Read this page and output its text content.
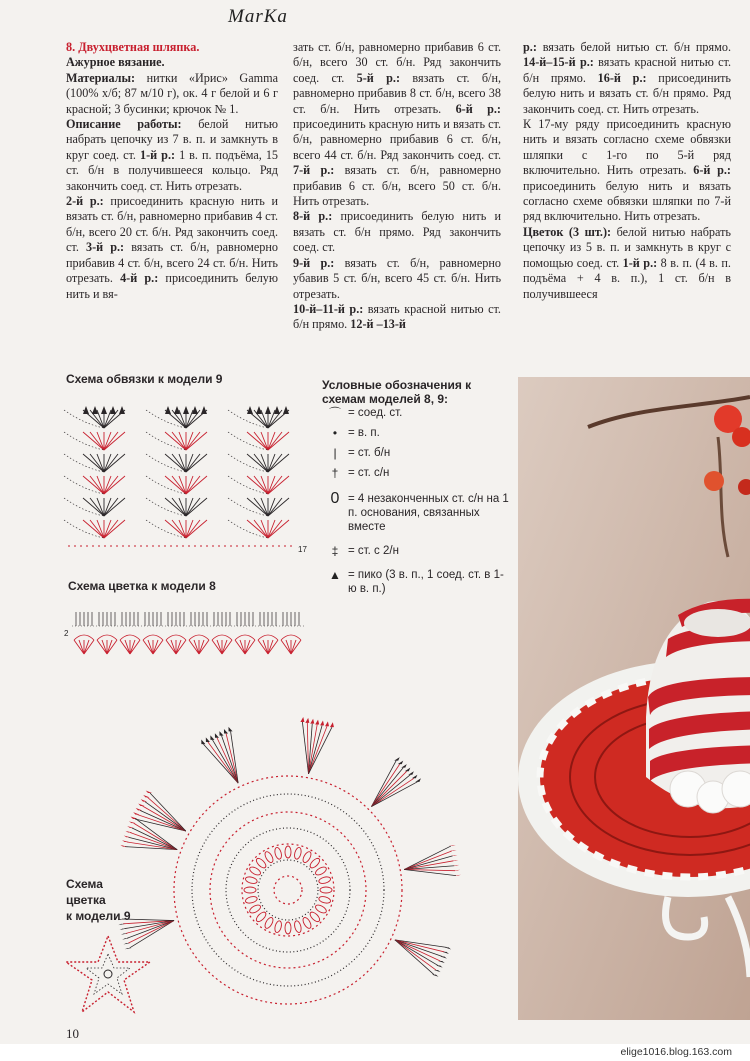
MarKa

8. Двухцветная шляпка.
Ажурное вязание.
Материалы: нитки «Ирис» Gamma (100% х/б; 87 м/10 г), ок. 4 г белой и 6 г красной; 3 бусинки; крючок № 1.
Описание работы: белой нитью набрать цепочку из 7 в. п. и замкнуть в круг соед. ст. 1-й р.: 1 в. п. подъёма, 15 ст. б/н в получившееся кольцо. Ряд закончить соед. ст. Нить отрезать.
2-й р.: присоединить красную нить и вязать ст. б/н, равномерно прибавив 4 ст. б/н, всего 20 ст. б/н. Ряд закончить соед. ст. 3-й р.: вязать ст. б/н, равномерно прибавив 4 ст. б/н, всего 24 ст. б/н. Нить отрезать. 4-й р.: присоединить белую нить и вя-

зать ст. б/н, равномерно прибавив 6 ст. б/н, всего 30 ст. б/н. Ряд закончить соед. ст. 5-й р.: вязать ст. б/н, равномерно прибавив 8 ст. б/н, всего 38 ст. б/н. Нить отрезать. 6-й р.: присоединить красную нить и вязать ст. б/н, равномерно прибавив 6 ст. б/н, всего 44 ст. б/н. Ряд закончить соед. ст. 7-й р.: вязать ст. б/н, равномерно прибавив 6 ст. б/н, всего 50 ст. б/н. Нить отрезать.
8-й р.: присоединить белую нить и вязать ст. б/н прямо. Ряд закончить соед. ст.
9-й р.: вязать ст. б/н, равномерно убавив 5 ст. б/н, всего 45 ст. б/н. Нить отрезать.
10-й–11-й р.: вязать красной нитью ст. б/н прямо. 12-й –13-й

р.: вязать белой нитью ст. б/н прямо. 14-й–15-й р.: вязать красной нитью ст. б/н прямо. 16-й р.: присоединить белую нить и вязать ст. б/н прямо. Ряд закончить соед. ст. Нить отрезать.
К 17-му ряду присоединить красную нить и вязать согласно схеме обвязки шляпки с 1-го по 5-й ряд включительно. Нить отрезать. 6-й р.: присоединить белую нить и вязать согласно схеме обвязки шляпки по 7-й ряд включительно. Нить отрезать.
Цветок (3 шт.): белой нитью набрать цепочку из 5 в. п. и замкнуть в круг с помощью соед. ст. 1-й р.: 8 в. п. (4 в. п. подъёма + 4 в. п.), 1 ст. б/н в получившееся

Схема обвязки к модели 9
17
Схема цветка к модели 8
2
Условные обозначения к схемам моделей 8, 9:
⌒ = соед. ст.
• = в. п.
| = ст. б/н
† = ст. с/н
0 = 4 незаконченных ст. с/н на 1 п. основания, связанных вместе
‡ = ст. с 2/н
▲ = пико (3 в. п., 1 соед. ст. в 1-ю в. п.)
Схема
цветка
к модели 9
10
elige1016.blog.163.com
